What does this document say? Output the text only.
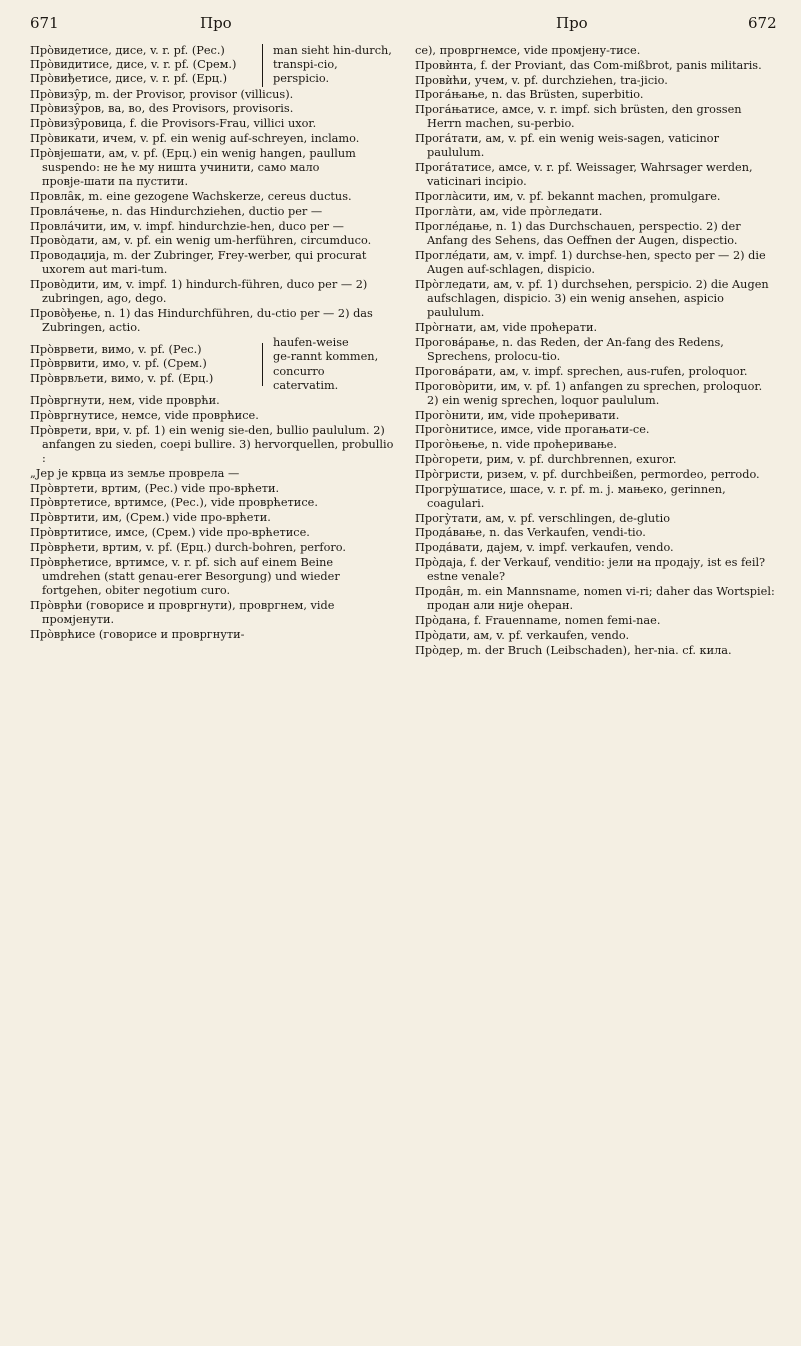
671	Про	Про	672
Про̀видетисе, дисе, v. r. pf. (Рес.)
Про̀видитисе, дисе, v. r. pf. (Срем.)
Про̀виђетисе, дисе, v. r. pf. (Ерц.)
man sieht hin‑durch, transpi‑cio, perspicio.
Про̀визу̑р, m. der Provisor, provisor (villicus).
Про̀визу̑ров, ва, во, des Provisors, provisoris.
Про̀визу̑ровица, f. die Provisors‑Frau, villici uxor.
Про̀викати, ичем, v. pf. ein wenig auf‑schreyen, inclamo.
Про̀вјешати, ам, v. pf. (Ерц.) ein wenig hangen, paullum suspendo: не ће му ништа учинити, само мало провје‑шати па пустити.
Провла̑к, m. eine gezogene Wachskerze, cereus ductus.
Провла́чење, n. das Hindurchziehen, ductio per —
Провла́чити, им, v. impf. hindurchzie‑hen, duco per —
Прово̀дати, ам, v. pf. ein wenig um‑herführen, circumduco.
Проводаџија, m. der Zubringer, Frey‑werber, qui procurat uxorem aut mari‑tum.
Прово̀дити, им, v. impf. 1) hindurch‑führen, duco per — 2) zubringen, ago, dego.
Прово̀ђење, n. 1) das Hindurchführen, du‑ctio per — 2) das Zubringen, actio.
Про̀врвети, вимо, v. pf. (Рес.)
Про̀врвити, имо, v. pf. (Срем.)
Про̀врвљети, вимо, v. pf. (Ерц.)
haufen‑weise ge‑rannt kommen, concurro catervatim.
Про̀вргнути, нем, vide проврћи.
Про̀вргнутисе, немсе, vide проврћисе.
Про̀врети, ври, v. pf. 1) ein wenig sie‑den, bullio paululum. 2) anfangen zu sieden, coepi bullire. 3) hervorquellen, probullio :
„Јер је крвца из земље проврела —
Про̀вртети, вртим, (Рес.) vide про‑врћети.
Про̀вртетисе, вртимсе, (Рес.), vide проврћетисе.
Про̀вртити, им, (Срем.) vide про‑врћети.
Про̀вртитисе, имсе, (Срем.) vide про‑врћетисе.
Про̀врћети, вртим, v. pf. (Ерц.) durch‑bohren, perforo.
Про̀врћетисе, вртимсе, v. r. pf. sich auf einem Beine umdrehen (statt genau‑erer Besorgung) und wieder fortgehen, obiter negotium curo.
Про̀врћи (говорисе и провргнути), провргнем, vide промјенути.
Про̀врћисе (говорисе и провргнути‑
се), провргнемсе, vide промјену‑тисе.
Провѝнта, f. der Proviant, das Com‑mißbrot, panis militaris.
Провѝћи, учем, v. pf. durchziehen, tra‑jicio.
Прога́њање, n. das Brüsten, superbitio.
Прога́њатисе, амсе, v. r. impf. sich brüsten, den grossen Herrn machen, su‑perbio.
Прога́тати, ам, v. pf. ein wenig weis‑sagen, vaticinor paululum.
Прога́татисе, амсе, v. r. pf. Weissager, Wahrsager werden, vaticinari incipio.
Прогла̀сити, им, v. pf. bekannt machen, promulgare.
Прогла̀ти, ам, vide про̀гледати.
Прогле́дање, n. 1) das Durchschauen, perspectio. 2) der Anfang des Sehens, das Oeffnen der Augen, dispectio.
Прогле́дати, ам, v. impf. 1) durchse‑hen, specto per — 2) die Augen auf‑schlagen, dispicio.
Про̀гледати, ам, v. pf. 1) durchsehen, perspicio. 2) die Augen aufschlagen, dispicio. 3) ein wenig ansehen, aspicio paululum.
Про̀гнати, ам, vide проћерати.
Прогова́рање, n. das Reden, der An‑fang des Redens, Sprechens, prolocu‑tio.
Прогова́рати, ам, v. impf. sprechen, aus‑rufen, proloquor.
Прогово̀рити, им, v. pf. 1) anfangen zu sprechen, proloquor. 2) ein wenig sprechen, loquor paululum.
Прого̀нити, им, vide проћеривати.
Прого̀нитисе, имсе, vide прогањати‑се.
Прого̀њење, n. vide проћеривање.
Про̀горети, рим, v. pf. durchbrennen, exuror.
Про̀гристи, ризем, v. pf. durchbeißen, permordeo, perrodo.
Прогру̀шатисе, шасе, v. r. pf. m. j. мањеко, gerinnen, coagulari.
Прогу̀тати, ам, v. pf. verschlingen, de‑glutio
Прода́вање, n. das Verkaufen, vendi‑tio.
Прода́вати, дајем, v. impf. verkaufen, vendo.
Про̀даја, f. der Verkauf, venditio: јели на продају, ist es feil? estne venale?
Прода̑н, m. ein Mannsname, nomen vi‑ri; daher das Wortspiel: продан али није оћеран.
Про̀дана, f. Frauenname, nomen femi‑nae.
Про̀дати, ам, v. pf. verkaufen, vendo.
Про̀дер, m. der Bruch (Leibschaden), her‑nia. cf. кила.
